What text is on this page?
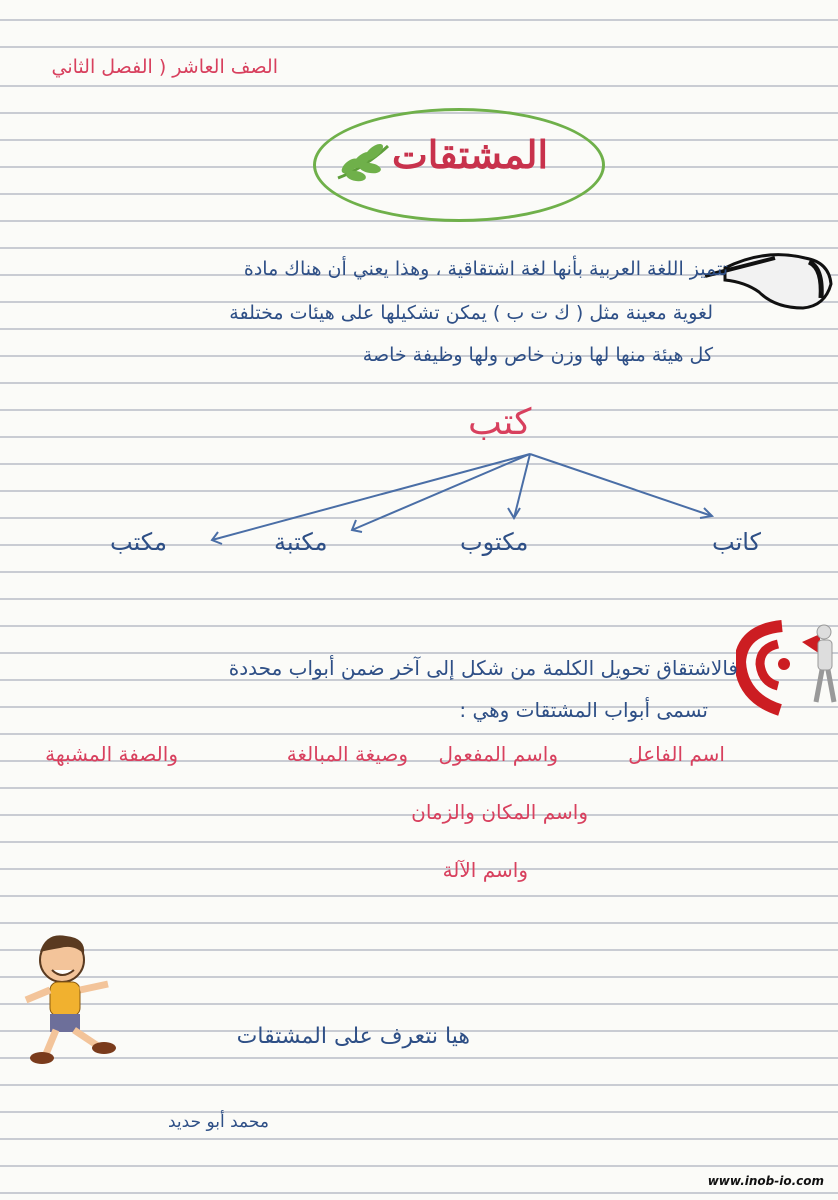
الصف العاشر ( الفصل الثاني
المشتقات
تتميز اللغة العربية بأنها لغة اشتقاقية ، وهذا يعني أن هناك مادة
لغوية معينة مثل ( ك ت ب ) يمكن تشكيلها على هيئات مختلفة
كل هيئة منها لها وزن خاص ولها وظيفة خاصة
كتب
كاتب
مكتوب
مكتبة
مكتب
فالاشتقاق تحويل الكلمة من شكل إلى آخر ضمن أبواب محددة
تسمى أبواب المشتقات وهي :
اسم الفاعل
واسم المفعول
وصيغة المبالغة
والصفة المشبهة
واسم المكان والزمان
واسم الآلة
هيا نتعرف على المشتقات
محمد أبو حديد
www.inob-io.com
